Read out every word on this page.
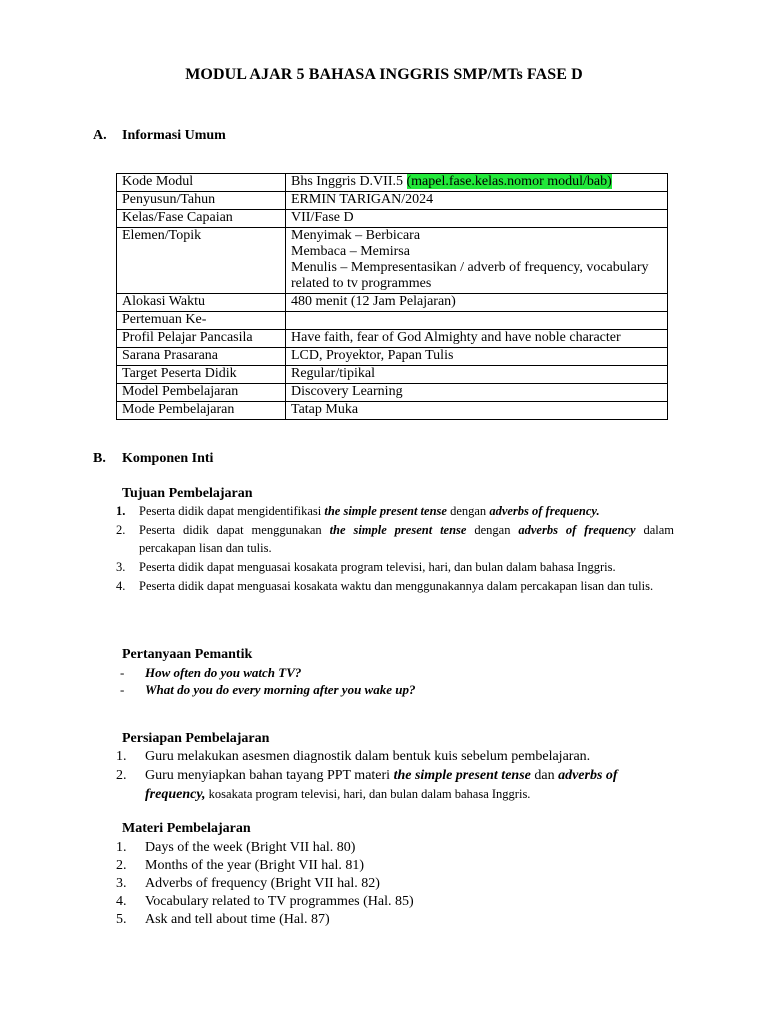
MODUL AJAR 5 BAHASA INGGRIS SMP/MTs FASE D
A. Informasi Umum
Kode Modul	Bhs Inggris D.VII.5 (mapel.fase.kelas.nomor modul/bab)
Penyusun/Tahun	ERMIN TARIGAN/2024
Kelas/Fase Capaian	VII/Fase D
Elemen/Topik	Menyimak – Berbicara
Membaca – Memirsa
Menulis – Mempresentasikan / adverb of frequency, vocabulary related to tv programmes

Alokasi Waktu	480 menit (12 Jam Pelajaran)
Pertemuan Ke-	
Profil Pelajar Pancasila	Have faith, fear of God Almighty and have noble character
Sarana Prasarana	LCD, Proyektor, Papan Tulis
Target Peserta Didik	Regular/tipikal
Model Pembelajaran	Discovery Learning
Mode Pembelajaran	Tatap Muka
B. Komponen Inti
Tujuan Pembelajaran
1. Peserta didik dapat mengidentifikasi the simple present tense dengan adverbs of frequency.
2. Peserta didik dapat menggunakan the simple present tense dengan adverbs of frequency dalam percakapan lisan dan tulis.
3. Peserta didik dapat menguasai kosakata program televisi, hari, dan bulan dalam bahasa Inggris.
4. Peserta didik dapat menguasai kosakata waktu dan menggunakannya dalam percakapan lisan dan tulis.
Pertanyaan Pemantik
- How often do you watch TV?
- What do you do every morning after you wake up?
Persiapan Pembelajaran
1. Guru melakukan asesmen diagnostik dalam bentuk kuis sebelum pembelajaran.
2. Guru menyiapkan bahan tayang PPT materi the simple present tense dan adverbs of frequency, kosakata program televisi, hari, dan bulan dalam bahasa Inggris.
Materi Pembelajaran
1. Days of the week (Bright VII hal. 80)
2. Months of the year (Bright VII hal. 81)
3. Adverbs of frequency (Bright VII hal. 82)
4. Vocabulary related to TV programmes (Hal. 85)
5. Ask and tell about time (Hal. 87)
